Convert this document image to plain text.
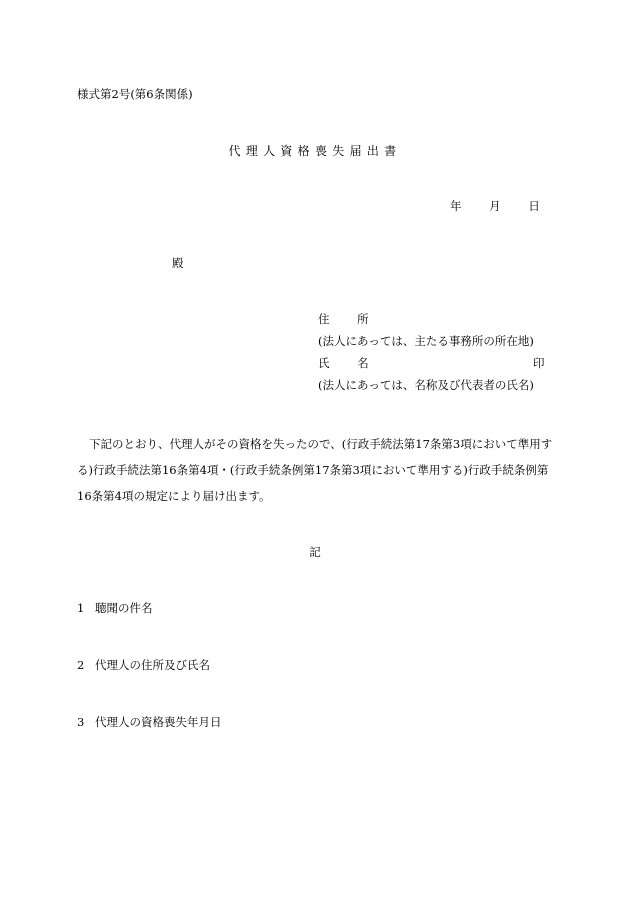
様式第2号(第6条関係)
代理人資格喪失届出書
年 月 日
殿
住 所
(法人にあっては、主たる事務所の所在地)
氏 名	印
(法人にあっては、名称及び代表者の氏名)
下記のとおり、代理人がその資格を失ったので、(行政手続法第17条第3項において準用する)行政手続法第16条第4項・(行政手続条例第17条第3項において準用する)行政手続条例第16条第4項の規定により届け出ます。
記
1 聴聞の件名
2 代理人の住所及び氏名
3 代理人の資格喪失年月日
